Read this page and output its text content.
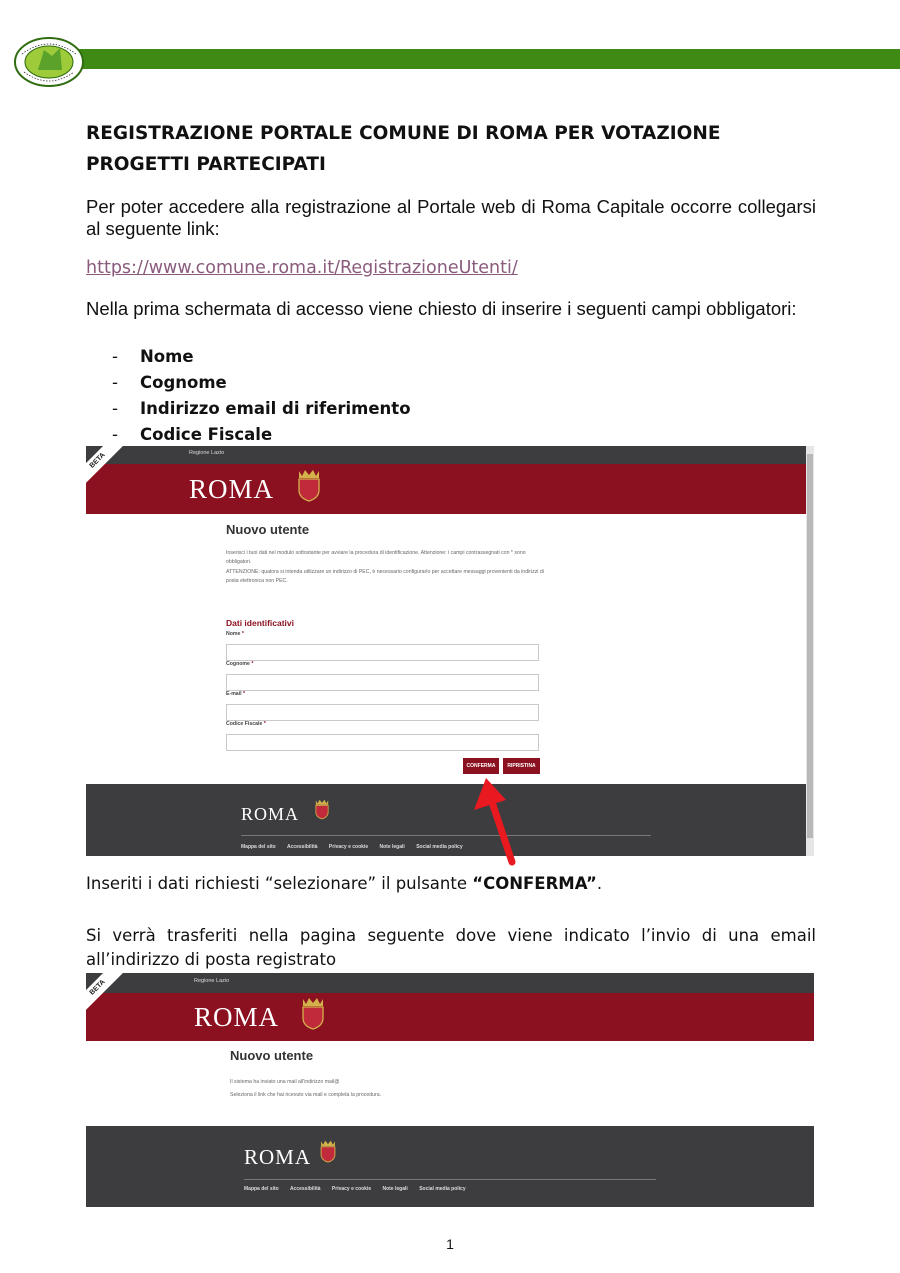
REGISTRAZIONE PORTALE COMUNE DI ROMA PER VOTAZIONE PROGETTI PARTECIPATI
Per poter accedere alla registrazione al Portale web di Roma Capitale occorre collegarsi al seguente link:
https://www.comune.roma.it/RegistrazioneUtenti/
Nella prima schermata di accesso viene chiesto di inserire i seguenti campi obbligatori:
- Nome
- Cognome
- Indirizzo email di riferimento
- Codice Fiscale
Regione Lazio
ROMA
BETA
Nuovo utente
Inserisci i tuoi dati nel modulo sottostante per avviare la procedura di identificazione. Attenzione: i campi contrassegnati con * sono obbligatori.
ATTENZIONE: qualora si intenda utilizzare un indirizzo di PEC, è necessario configurarlo per accettare messaggi provenienti da indirizzi di posta elettronica non PEC.
Dati identificativi
Nome *
Cognome *
E-mail *
Codice Fiscale *
CONFERMA	RIPRISTINA
ROMA
Mappa del sito Accessibilità Privacy e cookie Note legali Social media policy
Inseriti i dati richiesti “selezionare” il pulsante “CONFERMA”.
Si verrà trasferiti nella pagina seguente dove viene indicato l’invio di una email all’indirizzo di posta registrato
Regione Lazio
ROMA
BETA
Nuovo utente
Il sistema ha inviato una mail all'indirizzo mail@
Seleziona il link che hai ricevuto via mail e completa la procedura.
ROMA
Mappa del sito Accessibilità Privacy e cookie Note legali Social media policy
1
